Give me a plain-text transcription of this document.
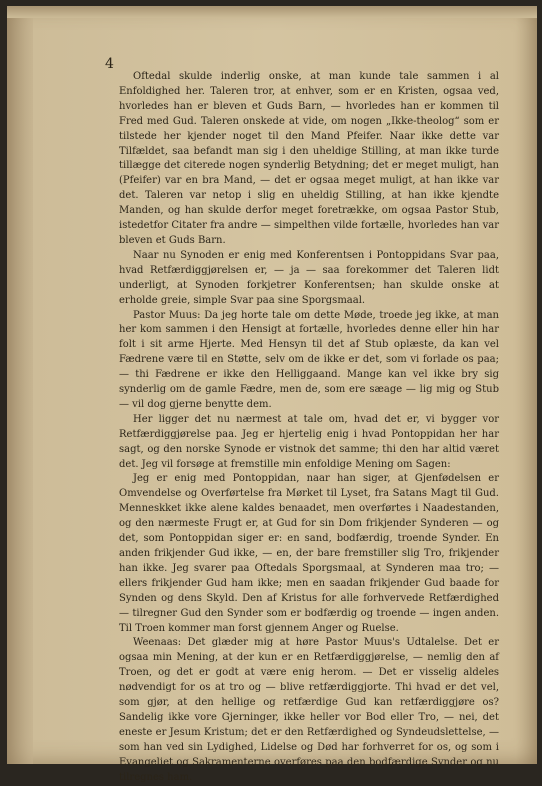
4

Oftedal skulde inderlig onske, at man kunde tale sammen i al Enfoldighed her. Taleren tror, at enhver, som er en Kristen, ogsaa ved, hvorledes han er bleven et Guds Barn, — hvorledes han er kommen til Fred med Gud. Taleren onskede at vide, om nogen „Ikke-theolog“ som er tilstede her kjender noget til den Mand Pfeifer. Naar ikke dette var Tilfældet, saa befandt man sig i den uheldige Stilling, at man ikke turde tillægge det citerede nogen synderlig Betydning; det er meget muligt, han (Pfeifer) var en bra Mand, — det er ogsaa meget muligt, at han ikke var det. Taleren var netop i slig en uheldig Stilling, at han ikke kjendte Manden, og han skulde derfor meget foretrække, om ogsaa Pastor Stub, istedetfor Citater fra andre — simpelthen vilde fortælle, hvorledes han var bleven et Guds Barn.

Naar nu Synoden er enig med Konferentsen i Pontoppidans Svar paa, hvad Retfærdiggjørelsen er, — ja — saa forekommer det Taleren lidt underligt, at Synoden forkjetrer Konferentsen; han skulde onske at erholde greie, simple Svar paa sine Sporgsmaal.

Pastor Muus: Da jeg horte tale om dette Møde, troede jeg ikke, at man her kom sammen i den Hensigt at fortælle, hvorledes denne eller hin har folt i sit arme Hjerte. Med Hensyn til det af Stub oplæste, da kan vel Fædrene være til en Støtte, selv om de ikke er det, som vi forlade os paa; — thi Fædrene er ikke den Helliggaand. Mange kan vel ikke bry sig synderlig om de gamle Fædre, men de, som ere sæage — lig mig og Stub — vil dog gjerne benytte dem.

Her ligger det nu nærmest at tale om, hvad det er, vi bygger vor Retfærdiggjørelse paa. Jeg er hjertelig enig i hvad Pontoppidan her har sagt, og den norske Synode er vistnok det samme; thi den har altid været det. Jeg vil forsøge at fremstille min enfoldige Mening om Sagen:

Jeg er enig med Pontoppidan, naar han siger, at Gjenfødelsen er Omvendelse og Overførtelse fra Mørket til Lyset, fra Satans Magt til Gud. Menneskket ikke alene kaldes benaadet, men overførtes i Naadestanden, og den nærmeste Frugt er, at Gud for sin Dom frikjender Synderen — og det, som Pontoppidan siger er: en sand, bodfærdig, troende Synder. En anden frikjender Gud ikke, — en, der bare fremstiller slig Tro, frikjender han ikke. Jeg svarer paa Oftedals Sporgsmaal, at Synderen maa tro; — ellers frikjender Gud ham ikke; men en saadan frikjender Gud baade for Synden og dens Skyld. Den af Kristus for alle forhvervede Retfærdighed — tilregner Gud den Synder som er bodfærdig og troende — ingen anden. Til Troen kommer man forst gjennem Anger og Ruelse.

Weenaas: Det glæder mig at høre Pastor Muus's Udtalelse. Det er ogsaa min Mening, at der kun er en Retfærdiggjørelse, — nemlig den af Troen, og det er godt at være enig herom. — Det er visselig aldeles nødvendigt for os at tro og — blive retfærdiggjorte. Thi hvad er det vel, som gjør, at den hellige og retfærdige Gud kan retfærdiggjøre os? Sandelig ikke vore Gjerninger, ikke heller vor Bod eller Tro, — nei, det eneste er Jesum Kristum; det er den Retfærdighed og Syndeudslettelse, — som han ved sin Lydighed, Lidelse og Død har forhverret for os, og som i Evangeliet og Sakramenterne overføres paa den bodfærdige Synder og nu tilregnes ham.
